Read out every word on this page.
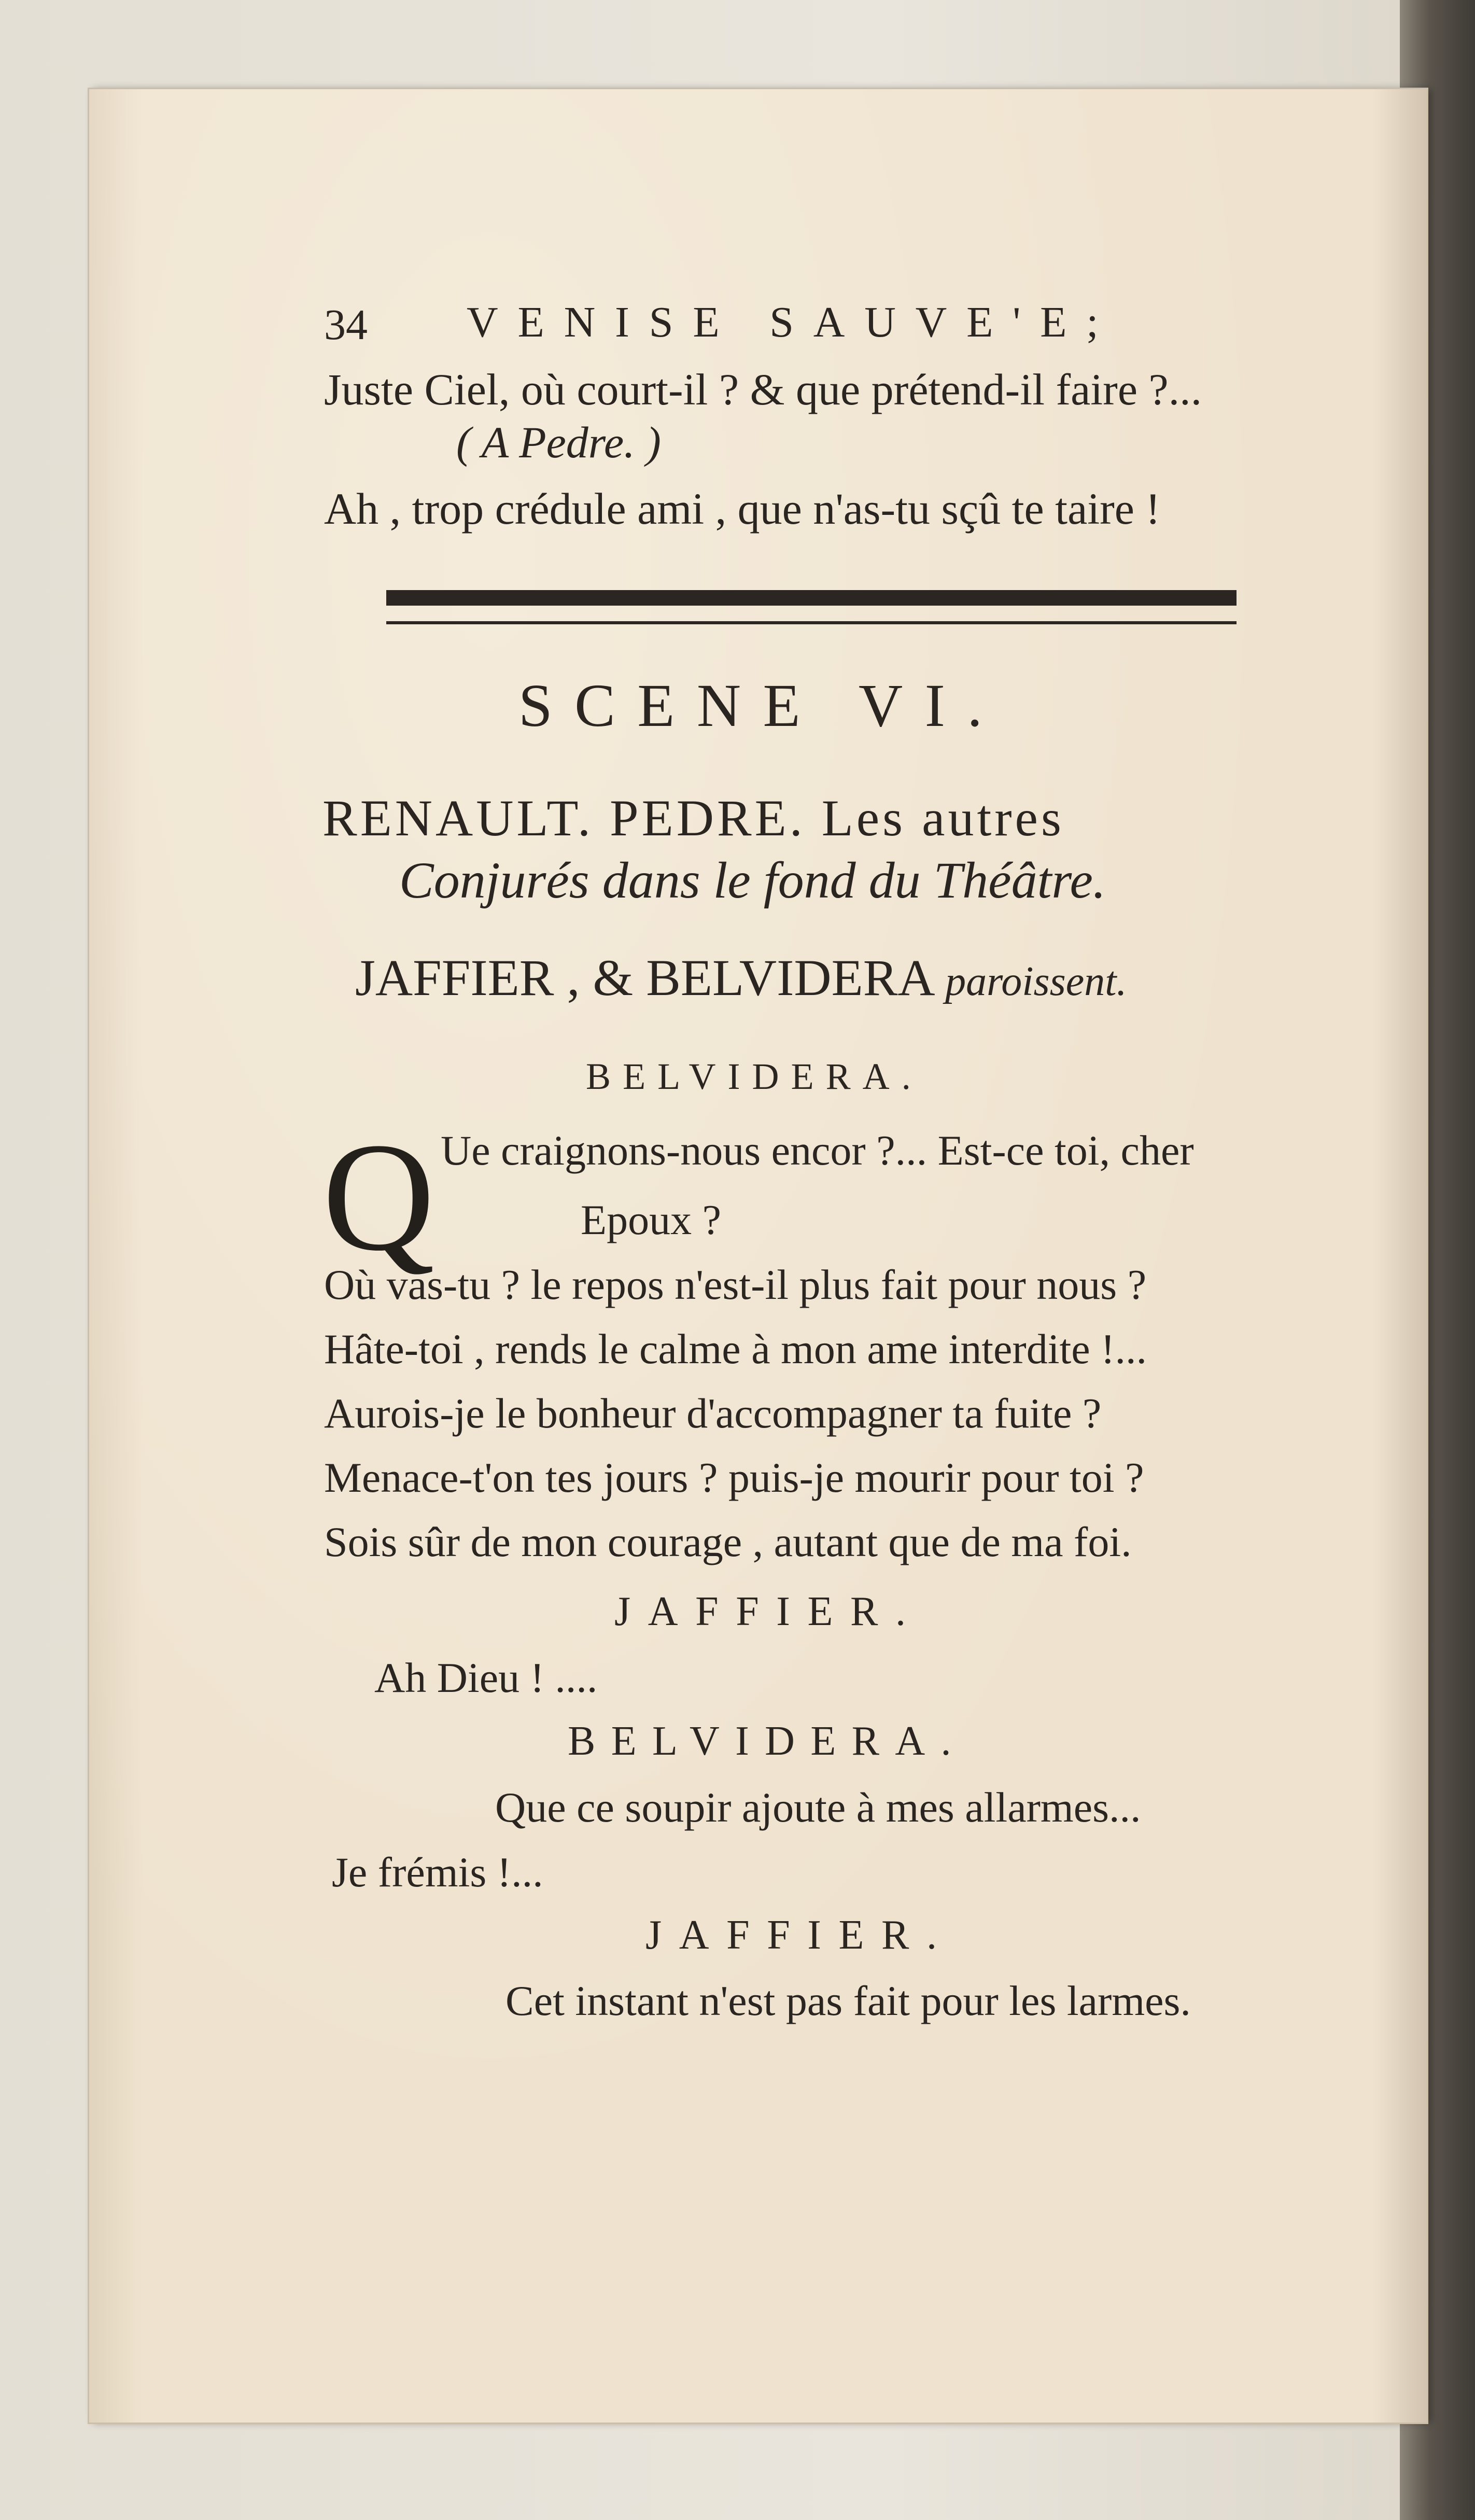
34 VENISE SAUVE'E;

Juste Ciel, où court-il ? & que prétend-il faire ?...

( A Pedre. )

Ah , trop crédule ami , que n'as-tu sçû te taire !

SCENE VI.

RENAULT. PEDRE. Les autres

Conjurés dans le fond du Théâtre.

JAFFIER , & BELVIDERA paroissent.

BELVIDERA.

Q Ue craignons-nous encor ?... Est-ce toi, cher

Epoux ?

Où vas-tu ? le repos n'est-il plus fait pour nous ?

Hâte-toi , rends le calme à mon ame interdite !...

Aurois-je le bonheur d'accompagner ta fuite ?

Menace-t'on tes jours ? puis-je mourir pour toi ?

Sois sûr de mon courage , autant que de ma foi.

JAFFIER.

Ah Dieu ! ....

BELVIDERA.

Que ce soupir ajoute à mes allarmes...

Je frémis !...

JAFFIER.

Cet instant n'est pas fait pour les larmes.
